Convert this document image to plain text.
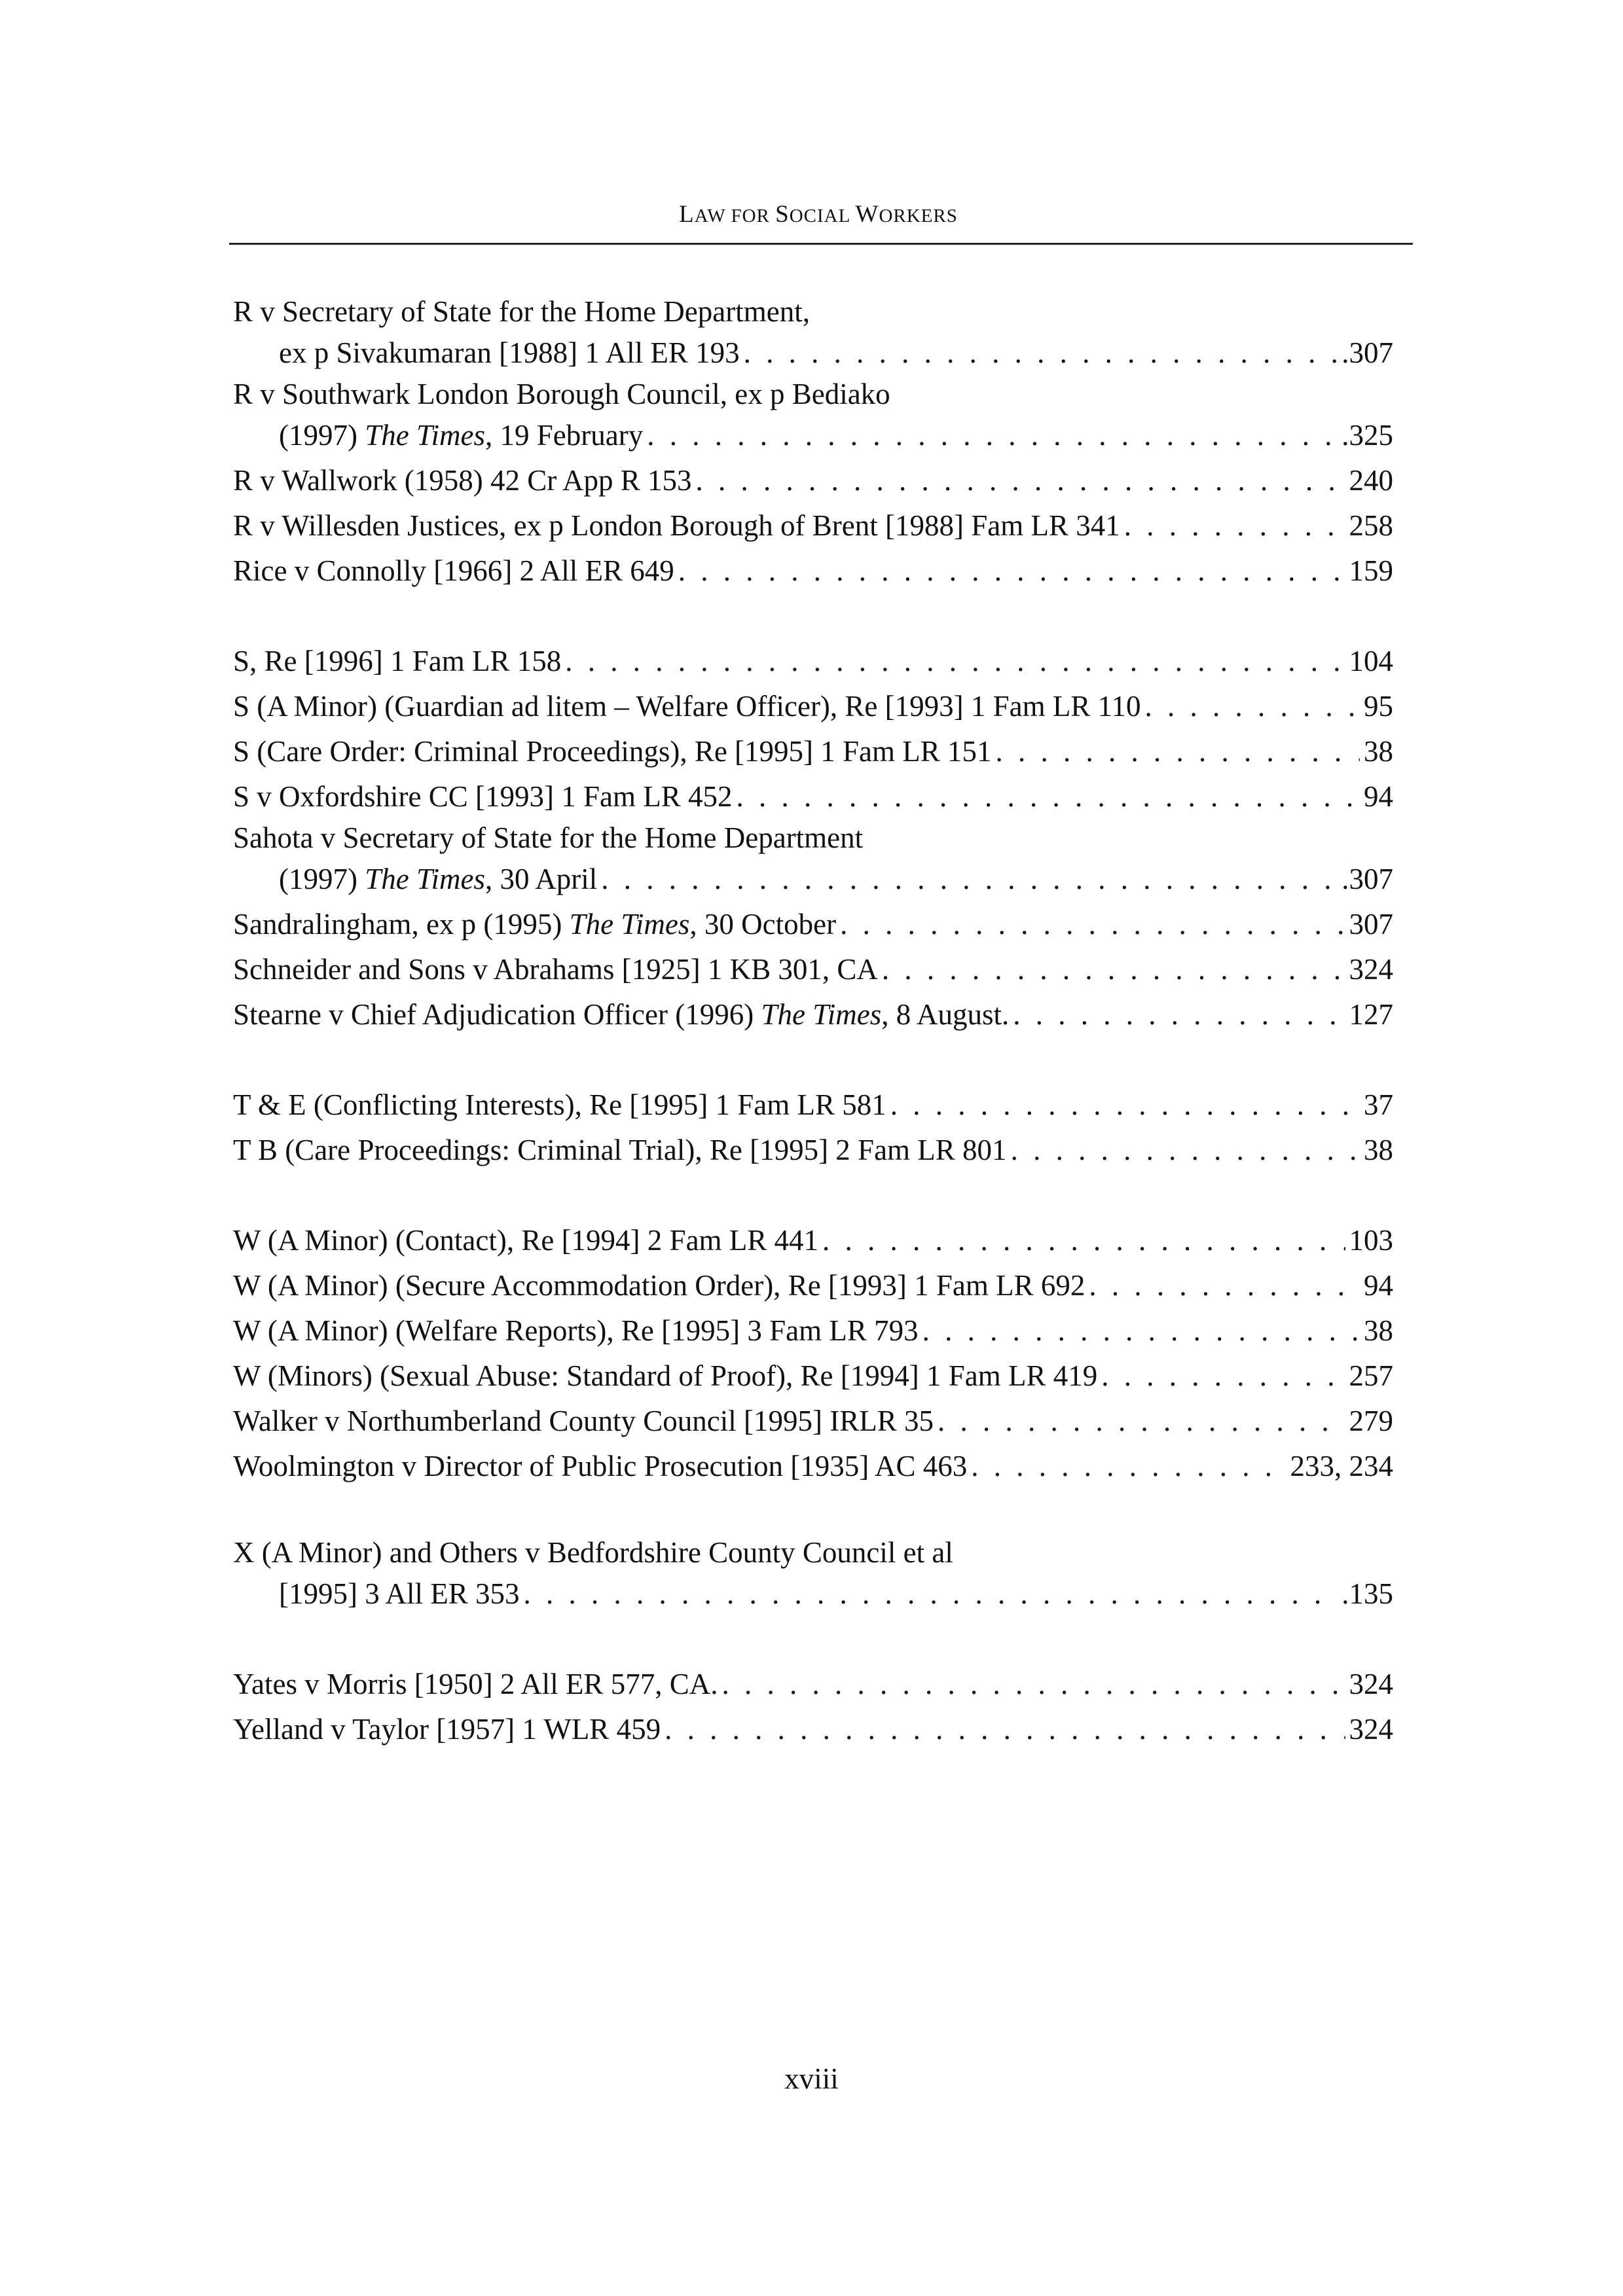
LAW FOR SOCIAL WORKERS
R v Secretary of State for the Home Department,
ex p Sivakumaran [1988] 1 All ER 193 . . .	.307
R v Southwark London Borough Council, ex p Bediako
(1997) The Times, 19 February . . .	.325
R v Wallwork (1958) 42 Cr App R 153 . . .	240
R v Willesden Justices, ex p London Borough of Brent [1988] Fam LR 341 . . .	258
Rice v Connolly [1966] 2 All ER 649 . . .	159
S, Re [1996] 1 Fam LR 158 . . .	104
S (A Minor) (Guardian ad litem – Welfare Officer), Re [1993] 1 Fam LR 110 . . .	95
S (Care Order: Criminal Proceedings), Re [1995] 1 Fam LR 151 . . .	38
S v Oxfordshire CC [1993] 1 Fam LR 452 . . .	94
Sahota v Secretary of State for the Home Department
(1997) The Times, 30 April . . .	.307
Sandralingham, ex p (1995) The Times, 30 October . . .	307
Schneider and Sons v Abrahams [1925] 1 KB 301, CA . . .	324
Stearne v Chief Adjudication Officer (1996) The Times, 8 August. . . .	127
T & E (Conflicting Interests), Re [1995] 1 Fam LR 581 . . .	37
T B (Care Proceedings: Criminal Trial), Re [1995] 2 Fam LR 801 . . .	38
W (A Minor) (Contact), Re [1994] 2 Fam LR 441 . . .	103
W (A Minor) (Secure Accommodation Order), Re [1993] 1 Fam LR 692 . . .	94
W (A Minor) (Welfare Reports), Re [1995] 3 Fam LR 793 . . .	38
W (Minors) (Sexual Abuse: Standard of Proof), Re [1994] 1 Fam LR 419 . . .	257
Walker v Northumberland County Council [1995] IRLR 35 . . .	279
Woolmington v Director of Public Prosecution [1935] AC 463 . . .	233, 234
X (A Minor) and Others v Bedfordshire County Council et al
[1995] 3 All ER 353 . . .	.135
Yates v Morris [1950] 2 All ER 577, CA. . . .	324
Yelland v Taylor [1957] 1 WLR 459 . . .	324
xviii
